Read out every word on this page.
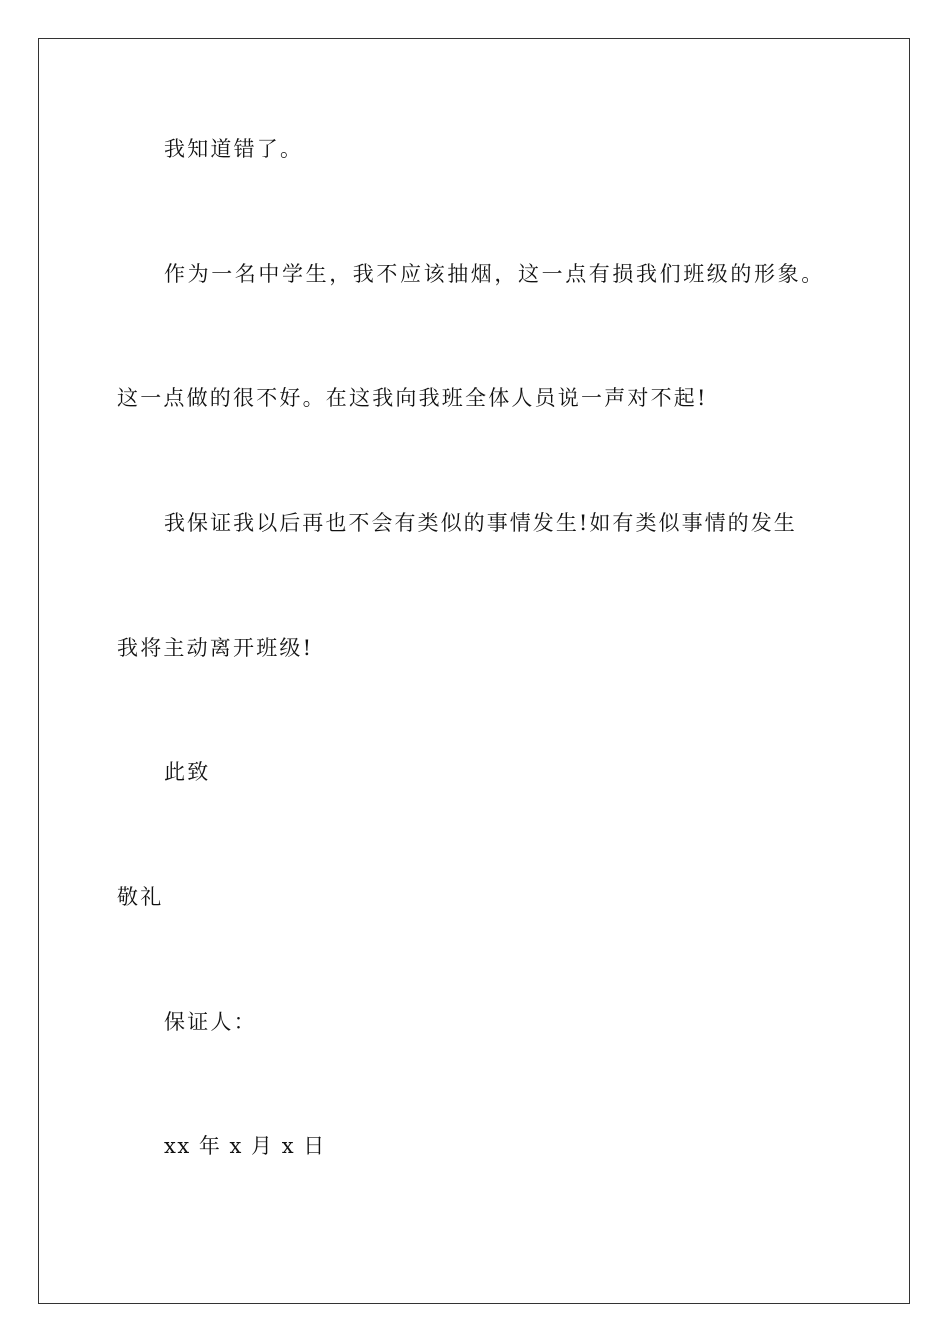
我知道错了。
作为一名中学生，我不应该抽烟，这一点有损我们班级的形象。
这一点做的很不好。在这我向我班全体人员说一声对不起!
我保证我以后再也不会有类似的事情发生!如有类似事情的发生
我将主动离开班级!
此致
敬礼
保证人：
xx 年 x 月 x 日
